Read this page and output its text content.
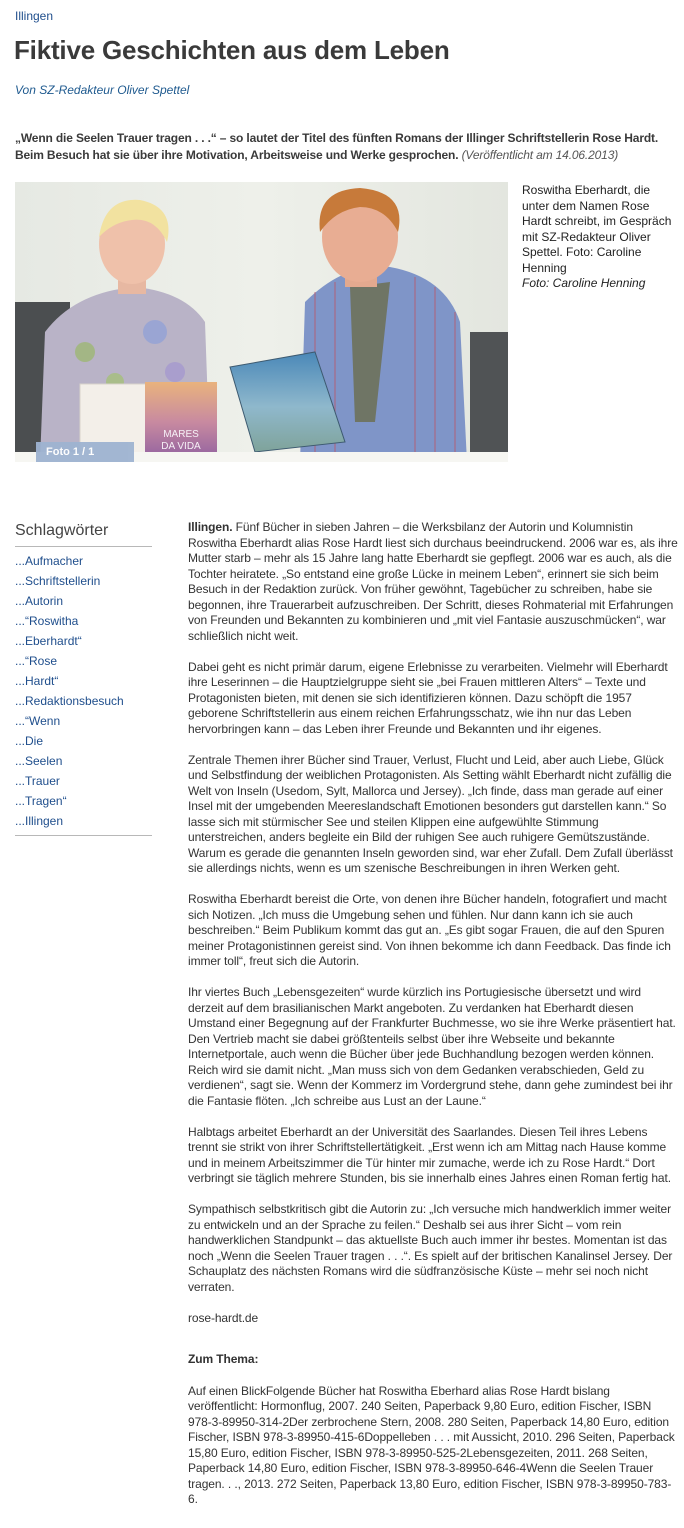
Illingen
Fiktive Geschichten aus dem Leben
Von SZ-Redakteur Oliver Spettel
„Wenn die Seelen Trauer tragen . . .“ – so lautet der Titel des fünften Romans der Illinger Schriftstellerin Rose Hardt. Beim Besuch hat sie über ihre Motivation, Arbeitsweise und Werke gesprochen. (Veröffentlicht am 14.06.2013)
MARES
DA VIDA
Foto 1 / 1
Roswitha Eberhardt, die unter dem Namen Rose Hardt schreibt, im Gespräch mit SZ-Redakteur Oliver Spettel. Foto: Caroline Henning
Foto: Caroline Henning
Schlagwörter
...Aufmacher
...Schriftstellerin
...Autorin
...“Roswitha
...Eberhardt“
...“Rose
...Hardt“
...Redaktionsbesuch
...“Wenn
...Die
...Seelen
...Trauer
...Tragen“
...Illingen

Illingen. Fünf Bücher in sieben Jahren – die Werksbilanz der Autorin und Kolumnistin Roswitha Eberhardt alias Rose Hardt liest sich durchaus beeindruckend. 2006 war es, als ihre Mutter starb – mehr als 15 Jahre lang hatte Eberhardt sie gepflegt. 2006 war es auch, als die Tochter heiratete. „So entstand eine große Lücke in meinem Leben“, erinnert sie sich beim Besuch in der Redaktion zurück. Von früher gewöhnt, Tagebücher zu schreiben, habe sie begonnen, ihre Trauerarbeit aufzuschreiben. Der Schritt, dieses Rohmaterial mit Erfahrungen von Freunden und Bekannten zu kombinieren und „mit viel Fantasie auszuschmücken“, war schließlich nicht weit.

Dabei geht es nicht primär darum, eigene Erlebnisse zu verarbeiten. Vielmehr will Eberhardt ihre Leserinnen – die Hauptzielgruppe sieht sie „bei Frauen mittleren Alters“ – Texte und Protagonisten bieten, mit denen sie sich identifizieren können. Dazu schöpft die 1957 geborene Schriftstellerin aus einem reichen Erfahrungsschatz, wie ihn nur das Leben hervorbringen kann – das Leben ihrer Freunde und Bekannten und ihr eigenes.

Zentrale Themen ihrer Bücher sind Trauer, Verlust, Flucht und Leid, aber auch Liebe, Glück und Selbstfindung der weiblichen Protagonisten. Als Setting wählt Eberhardt nicht zufällig die Welt von Inseln (Usedom, Sylt, Mallorca und Jersey). „Ich finde, dass man gerade auf einer Insel mit der umgebenden Meereslandschaft Emotionen besonders gut darstellen kann.“ So lasse sich mit stürmischer See und steilen Klippen eine aufgewühlte Stimmung unterstreichen, anders begleite ein Bild der ruhigen See auch ruhigere Gemütszustände. Warum es gerade die genannten Inseln geworden sind, war eher Zufall. Dem Zufall überlässt sie allerdings nichts, wenn es um szenische Beschreibungen in ihren Werken geht.

Roswitha Eberhardt bereist die Orte, von denen ihre Bücher handeln, fotografiert und macht sich Notizen. „Ich muss die Umgebung sehen und fühlen. Nur dann kann ich sie auch beschreiben.“ Beim Publikum kommt das gut an. „Es gibt sogar Frauen, die auf den Spuren meiner Protagonistinnen gereist sind. Von ihnen bekomme ich dann Feedback. Das finde ich immer toll“, freut sich die Autorin.

Ihr viertes Buch „Lebensgezeiten“ wurde kürzlich ins Portugiesische übersetzt und wird derzeit auf dem brasilianischen Markt angeboten. Zu verdanken hat Eberhardt diesen Umstand einer Begegnung auf der Frankfurter Buchmesse, wo sie ihre Werke präsentiert hat. Den Vertrieb macht sie dabei größtenteils selbst über ihre Webseite und bekannte Internetportale, auch wenn die Bücher über jede Buchhandlung bezogen werden können. Reich wird sie damit nicht. „Man muss sich von dem Gedanken verabschieden, Geld zu verdienen“, sagt sie. Wenn der Kommerz im Vordergrund stehe, dann gehe zumindest bei ihr die Fantasie flöten. „Ich schreibe aus Lust an der Laune.“

Halbtags arbeitet Eberhardt an der Universität des Saarlandes. Diesen Teil ihres Lebens trennt sie strikt von ihrer Schriftstellertätigkeit. „Erst wenn ich am Mittag nach Hause komme und in meinem Arbeitszimmer die Tür hinter mir zumache, werde ich zu Rose Hardt.“ Dort verbringt sie täglich mehrere Stunden, bis sie innerhalb eines Jahres einen Roman fertig hat.

Sympathisch selbstkritisch gibt die Autorin zu: „Ich versuche mich handwerklich immer weiter zu entwickeln und an der Sprache zu feilen.“ Deshalb sei aus ihrer Sicht – vom rein handwerklichen Standpunkt – das aktuellste Buch auch immer ihr bestes. Momentan ist das noch „Wenn die Seelen Trauer tragen . . .“. Es spielt auf der britischen Kanalinsel Jersey. Der Schauplatz des nächsten Romans wird die südfranzösische Küste – mehr sei noch nicht verraten.

rose-hardt.de

Zum Thema:

Auf einen BlickFolgende Bücher hat Roswitha Eberhard alias Rose Hardt bislang veröffentlicht: Hormonflug, 2007. 240 Seiten, Paperback 9,80 Euro, edition Fischer, ISBN 978-3-89950-314-2Der zerbrochene Stern, 2008. 280 Seiten, Paperback 14,80 Euro, edition Fischer, ISBN 978-3-89950-415-6Doppelleben . . . mit Aussicht, 2010. 296 Seiten, Paperback 15,80 Euro, edition Fischer, ISBN 978-3-89950-525-2Lebensgezeiten, 2011. 268 Seiten, Paperback 14,80 Euro, edition Fischer, ISBN 978-3-89950-646-4Wenn die Seelen Trauer tragen. . ., 2013. 272 Seiten, Paperback 13,80 Euro, edition Fischer, ISBN 978-3-89950-783-6.
